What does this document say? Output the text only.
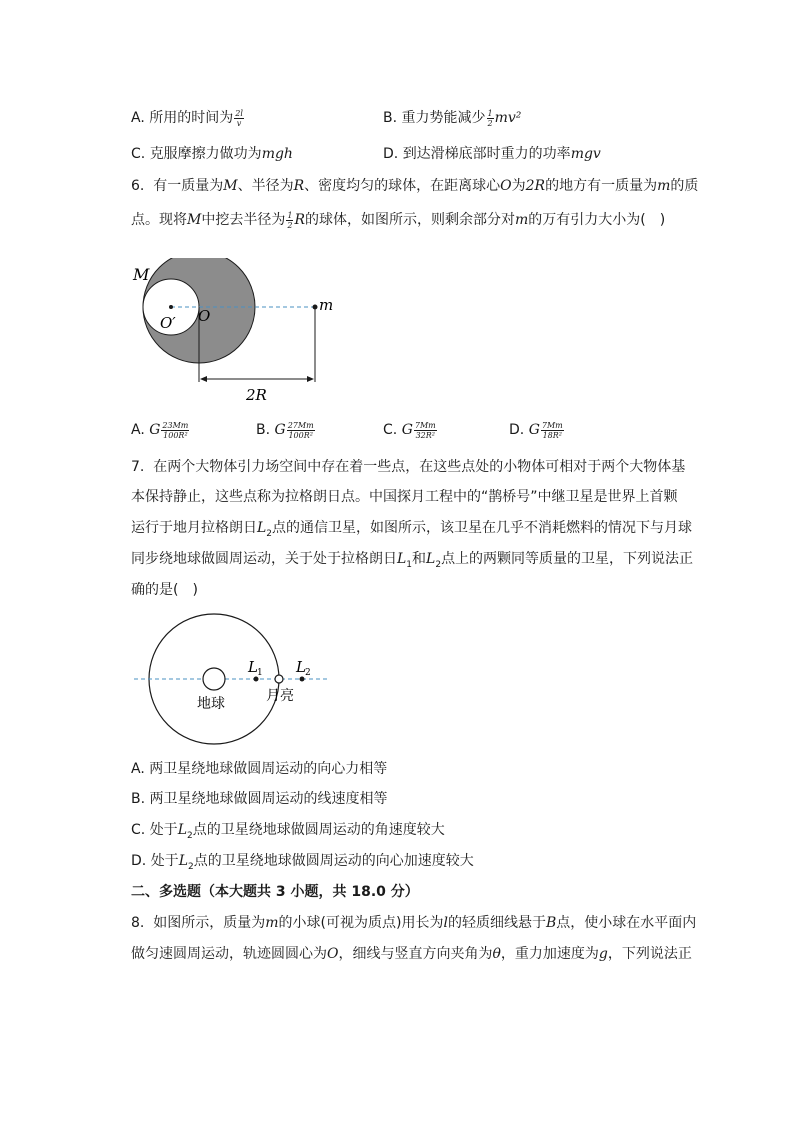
A. 所用的时间为 $\frac{2l}{v}$	B. 重力势能减少 $\frac{1}{2} mv^2$
C. 克服摩擦力做功为mgh	D. 到达滑梯底部时重力的功率mgv
6. 有一质量为M、半径为R、密度均匀的球体，在距离球心O为2R的地方有一质量为m的质
点。现将M中挖去半径为 $\frac{1}{2}$ R的球体，如图所示，则剩余部分对m的万有引力大小为(　)
M
O′ O
m
2R
A. G $\frac{23Mm}{\text{100R²}}$	B. G $\frac{27Mm}{\text{100R²}}$	C. G $\frac{7Mm}{\text{32R²}}$	D. G $\frac{7Mm}{\text{18R²}}$
7. 在两个大物体引力场空间中存在着一些点，在这些点处的小物体可相对于两个大物体基
本保持静止，这些点称为拉格朗日点。中国探月工程中的“鹊桥号”中继卫星是世界上首颗
运行于地月拉格朗日$L_2$点的通信卫星，如图所示，该卫星在几乎不消耗燃料的情况下与月球
同步绕地球做圆周运动，关于处于拉格朗日$L_1$和$L_2$点上的两颗同等质量的卫星，下列说法正
确的是(　)
L 1 L 2
地球	月亮
A. 两卫星绕地球做圆周运动的向心力相等
B. 两卫星绕地球做圆周运动的线速度相等
C. 处于$L_2$点的卫星绕地球做圆周运动的角速度较大
D. 处于$L_2$点的卫星绕地球做圆周运动的向心加速度较大
二、多选题（本大题共 3 小题，共 18.0 分）
8. 如图所示，质量为m的小球(可视为质点)用长为l的轻质细线悬于B点，使小球在水平面内
做匀速圆周运动，轨迹圆圆心为O，细线与竖直方向夹角为θ，重力加速度为g，下列说法正
